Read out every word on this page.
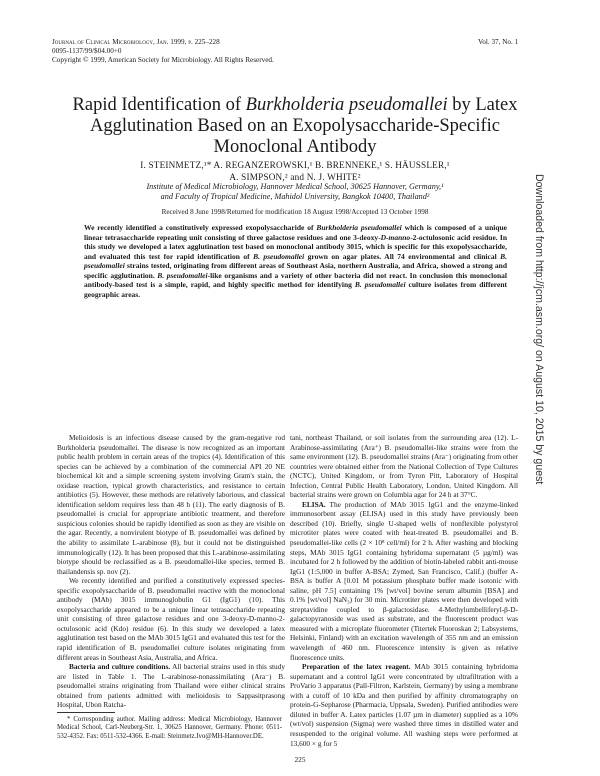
Journal of Clinical Microbiology, Jan. 1999, p. 225–228
0095-1137/99/$04.00+0
Copyright © 1999, American Society for Microbiology. All Rights Reserved.
Vol. 37, No. 1
Rapid Identification of Burkholderia pseudomallei by Latex Agglutination Based on an Exopolysaccharide-Specific Monoclonal Antibody
I. STEINMETZ,¹* A. REGANZEROWSKI,¹ B. BRENNEKE,¹ S. HÄUSSLER,¹
A. SIMPSON,² and N. J. WHITE²
Institute of Medical Microbiology, Hannover Medical School, 30625 Hannover, Germany,¹
and Faculty of Tropical Medicine, Mahidol University, Bangkok 10400, Thailand²
Received 8 June 1998/Returned for modification 18 August 1998/Accepted 13 October 1998
We recently identified a constitutively expressed exopolysaccharide of Burkholderia pseudomallei which is composed of a unique linear tetrasaccharide repeating unit consisting of three galactose residues and one 3-deoxy-D-manno-2-octulosonic acid residue. In this study we developed a latex agglutination test based on monoclonal antibody 3015, which is specific for this exopolysaccharide, and evaluated this test for rapid identification of B. pseudomallei grown on agar plates. All 74 environmental and clinical B. pseudomallei strains tested, originating from different areas of Southeast Asia, northern Australia, and Africa, showed a strong and specific agglutination. B. pseudomallei-like organisms and a variety of other bacteria did not react. In conclusion this monoclonal antibody-based test is a simple, rapid, and highly specific method for identifying B. pseudomallei culture isolates from different geographic areas.

Melioidosis is an infectious disease caused by the gram-negative rod Burkholderia pseudomallei. The disease is now recognized as an important public health problem in certain areas of the tropics (4). Identification of this species can be achieved by a combination of the commercial API 20 NE biochemical kit and a simple screening system involving Gram's stain, the oxidase reaction, typical growth characteristics, and resistance to certain antibiotics (5). However, these methods are relatively laborious, and classical identification seldom requires less than 48 h (11). The early diagnosis of B. pseudomallei is crucial for appropriate antibiotic treatment, and therefore suspicious colonies should be rapidly identified as soon as they are visible on the agar. Recently, a nonvirulent biotype of B. pseudomallei was defined by the ability to assimilate L-arabinose (8), but it could not be distinguished immunologically (12). It has been proposed that this L-arabinose-assimilating biotype should be reclassified as a B. pseudomallei-like species, termed B. thailandensis sp. nov (2).

We recently identified and purified a constitutively expressed species-specific exopolysaccharide of B. pseudomallei reactive with the monoclonal antibody (MAb) 3015 immunoglobulin G1 (IgG1) (10). This exopolysaccharide appeared to be a unique linear tetrasaccharide repeating unit consisting of three galactose residues and one 3-deoxy-D-manno-2-octulosonic acid (Kdo) residue (6). In this study we developed a latex agglutination test based on the MAb 3015 IgG1 and evaluated this test for the rapid identification of B. pseudomallei culture isolates originating from different areas in Southeast Asia, Australia, and Africa.

Bacteria and culture conditions. All bacterial strains used in this study are listed in Table 1. The L-arabinose-nonassimilating (Ara⁻) B. pseudomallei strains originating from Thailand were either clinical strains obtained from patients admitted with melioidosis to Sappasitprasong Hospital, Ubon Ratcha-

tani, northeast Thailand, or soil isolates from the surrounding area (12). L-Arabinose-assimilating (Ara⁺) B. pseudomallei-like strains were from the same environment (12). B. pseudomallei strains (Ara⁻) originating from other countries were obtained either from the National Collection of Type Cultures (NCTC), United Kingdom, or from Tyron Pitt, Laboratory of Hospital Infection, Central Public Health Laboratory, London, United Kingdom. All bacterial strains were grown on Columbia agar for 24 h at 37°C.

ELISA. The production of MAb 3015 IgG1 and the enzyme-linked immunosorbent assay (ELISA) used in this study have previously been described (10). Briefly, single U-shaped wells of nonflexible polystyrol microtiter plates were coated with heat-treated B. pseudomallei and B. pseudomallei-like cells (2 × 10⁸ cell/ml) for 2 h. After washing and blocking steps, MAb 3015 IgG1 containing hybridoma supernatant (5 µg/ml) was incubated for 2 h followed by the addition of biotin-labeled rabbit anti-mouse IgG1 (1:5,000 in buffer A-BSA; Zymed, San Francisco, Calif.) (buffer A-BSA is buffer A [0.01 M potassium phosphate buffer made isotonic with saline, pH 7.5] containing 1% [wt/vol] bovine serum albumin [BSA] and 0.1% [wt/vol] NaN₃) for 30 min. Microtiter plates were then developed with streptavidine coupled to β-galactosidase. 4-Methylumbelliferyl-β-D-galactopyranoside was used as substrate, and the fluorescent product was measured with a microplate fluorometer (Titertek Fluoroskan 2; Labsystems, Helsinki, Finland) with an excitation wavelength of 355 nm and an emission wavelength of 460 nm. Fluorescence intensity is given as relative fluorescence units.

Preparation of the latex reagent. MAb 3015 containing hybridoma supernatant and a control IgG1 were concentrated by ultrafiltration with a ProVario 3 apparatus (Pall-Filtron, Karlstein, Germany) by using a membrane with a cutoff of 10 kDa and then purified by affinity chromatography on protein-G-Sepharose (Pharmacia, Uppsala, Sweden). Purified antibodies were diluted in buffer A. Latex particles (1.07 µm in diameter) supplied as a 10% (wt/vol) suspension (Sigma) were washed three times in distilled water and resuspended to the original volume. All washing steps were performed at 13,600 × g for 5

* Corresponding author. Mailing address: Medical Microbiology, Hannover Medical School, Carl-Neuberg-Str. 1, 30625 Hannover, Germany. Phone: 0511-532-4352. Fax: 0511-532-4366. E-mail: Steinmetz.Ivo@MH-Hannover.DE.
225
Downloaded from http://jcm.asm.org/ on August 10, 2015 by guest
